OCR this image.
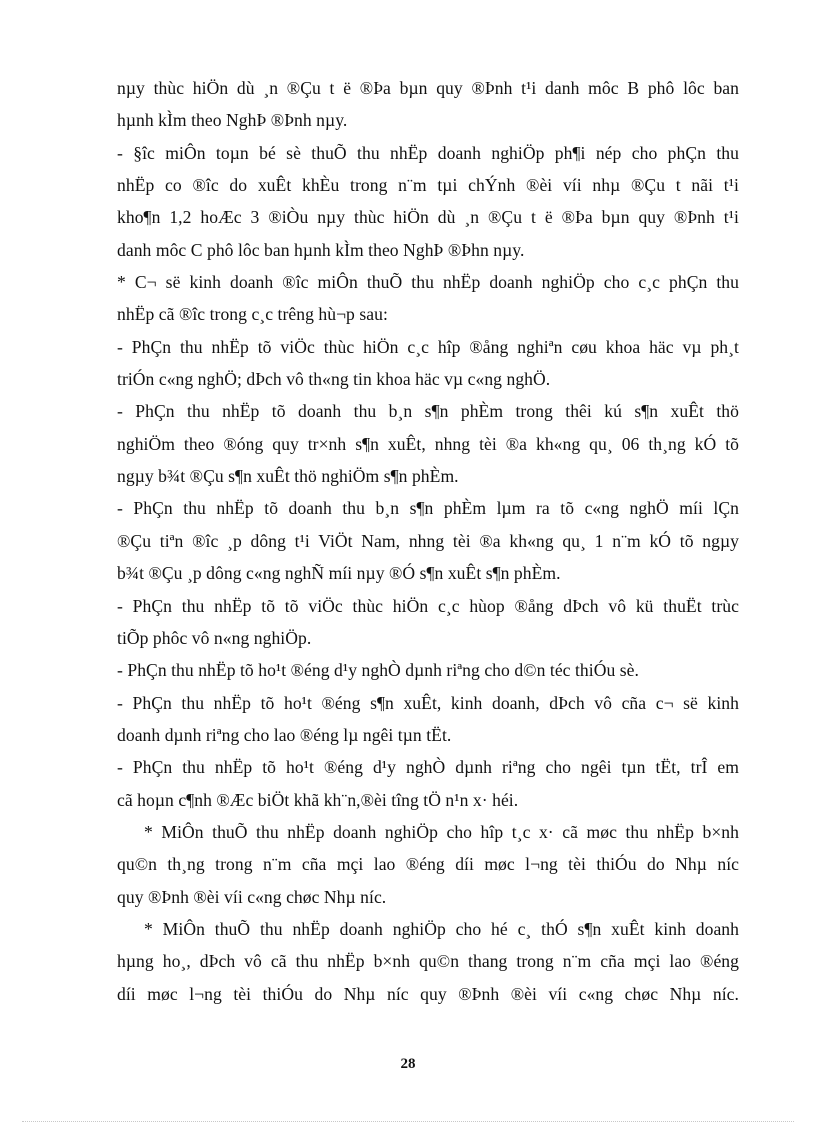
nµy thùc hiÖn dù ¸n ®Çu t ë ®Þa bµn quy ®Þnh t¹i danh môc B phô lôc ban
hµnh kÌm theo NghÞ ®Þnh nµy.
- §îc miÔn toµn bé sè thuÕ thu nhËp doanh nghiÖp ph¶i nép cho phÇn thu
nhËp co ®îc do xuÊt khÈu trong n¨m tµi chÝnh ®èi víi nhµ ®Çu t nãi t¹i
kho¶n 1,2 hoÆc 3 ®iÒu nµy thùc hiÖn dù ¸n ®Çu t ë ®Þa bµn quy ®Þnh t¹i
danh môc C phô lôc ban hµnh kÌm theo NghÞ ®Þhn nµy.
* C¬ së kinh doanh ®îc miÔn thuÕ thu nhËp doanh nghiÖp cho c¸c phÇn thu
nhËp cã ®îc trong c¸c trêng hù¬p sau:
- PhÇn thu nhËp tõ viÖc thùc hiÖn c¸c hîp ®ång nghiªn cøu khoa häc vµ ph¸t
triÓn c«ng nghÖ; dÞch vô th«ng tin khoa häc vµ c«ng nghÖ.
- PhÇn thu nhËp tõ doanh thu b¸n s¶n phÈm trong thêi kú s¶n xuÊt thö
nghiÖm theo ®óng quy tr×nh s¶n xuÊt, nhng tèi ®a kh«ng qu¸ 06 th¸ng kÓ tõ
ngµy b¾t ®Çu s¶n xuÊt thö nghiÖm s¶n phÈm.
- PhÇn thu nhËp tõ doanh thu b¸n s¶n phÈm lµm ra tõ c«ng nghÖ míi lÇn
®Çu tiªn ®îc ¸p dông t¹i ViÖt Nam, nhng tèi ®a kh«ng qu¸ 1 n¨m kÓ tõ ngµy
b¾t ®Çu ¸p dông c«ng nghÑ míi nµy ®Ó s¶n xuÊt s¶n phÈm.
- PhÇn thu nhËp tõ tõ viÖc thùc hiÖn c¸c hùop ®ång dÞch vô kü thuËt trùc
tiÕp phôc vô n«ng nghiÖp.
- PhÇn thu nhËp tõ ho¹t ®éng d¹y nghÒ dµnh riªng cho d©n téc thiÓu sè.
- PhÇn thu nhËp tõ ho¹t ®éng s¶n xuÊt, kinh doanh, dÞch vô cña c¬ së kinh
doanh dµnh riªng cho lao ®éng lµ ngêi tµn tËt.
- PhÇn thu nhËp tõ ho¹t ®éng d¹y nghÒ dµnh riªng cho ngêi tµn tËt, trÎ em
cã hoµn c¶nh ®Æc biÖt khã kh¨n,®èi tîng tÖ n¹n x· héi.
* MiÔn thuÕ thu nhËp doanh nghiÖp cho hîp t¸c x· cã møc thu nhËp b×nh
qu©n th¸ng trong n¨m cña mçi lao ®éng díi møc l¬ng tèi thiÓu do Nhµ níc
quy ®Þnh ®èi víi c«ng chøc Nhµ níc.
* MiÔn thuÕ thu nhËp doanh nghiÖp cho hé c¸ thÓ s¶n xuÊt kinh doanh
hµng ho¸, dÞch vô cã thu nhËp b×nh qu©n thang trong n¨m cña mçi lao ®éng
díi møc l¬ng tèi thiÓu do Nhµ níc quy ®Þnh ®èi víi c«ng chøc Nhµ níc.
28
